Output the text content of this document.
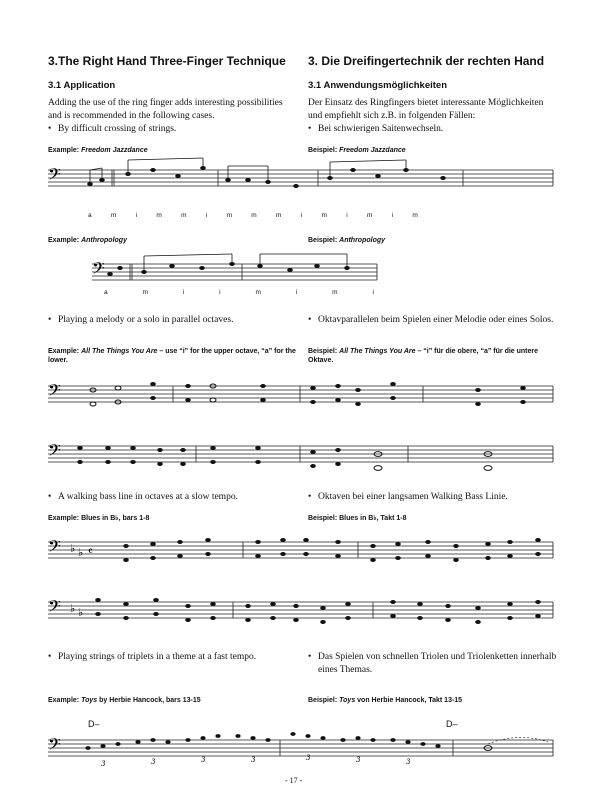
3.The Right Hand Three-Finger Technique 3. Die Dreifingertechnik der rechten Hand
3.1 Application	3.1 Anwendungsmöglichkeiten
Adding the use of the ring finger adds interesting possibilities and is recommended in the following cases.
Der Einsatz des Ringfingers bietet interessante Möglichkeiten und empfiehlt sich z.B. in folgenden Fällen:
• By difficult crossing of strings.	• Bei schwierigen Saitenwechseln.
Example: Freedom Jazzdance	Beispiel: Freedom Jazzdance
𝄢
a	m	i	m	m	i	m	m	m	i	m	i	m	i	m
Example: Anthropology	Beispiel: Anthropology
𝄢
a	m	i	i	m	i	m	i
• Playing a melody or a solo in parallel octaves.	• Oktavparallelen beim Spielen einer Melodie oder eines Solos.
Example: All The Things You Are – use “i” for the upper octave, “a” for the lower.
Beispiel: All The Things You Are – “i” für die obere, “a” für die untere Oktave.
𝄢
𝄢
• A walking bass line in octaves at a slow tempo.	• Oktaven bei einer langsamen Walking Bass Linie.
Example: Blues in B♭, bars 1-8	Beispiel: Blues in B♭, Takt 1-8
𝄢 ♭ ♭ 𝄴
𝄢 ♭ ♭
• Playing strings of triplets in a theme at a fast tempo.	• Das Spielen von schnellen Triolen und Triolenketten innerhalb eines Themas.
Example: Toys by Herbie Hancock, bars 13-15	Beispiel: Toys von Herbie Hancock, Takt 13-15
D–	D–
𝄢
3	3	3	3	3	3	3
- 17 -
